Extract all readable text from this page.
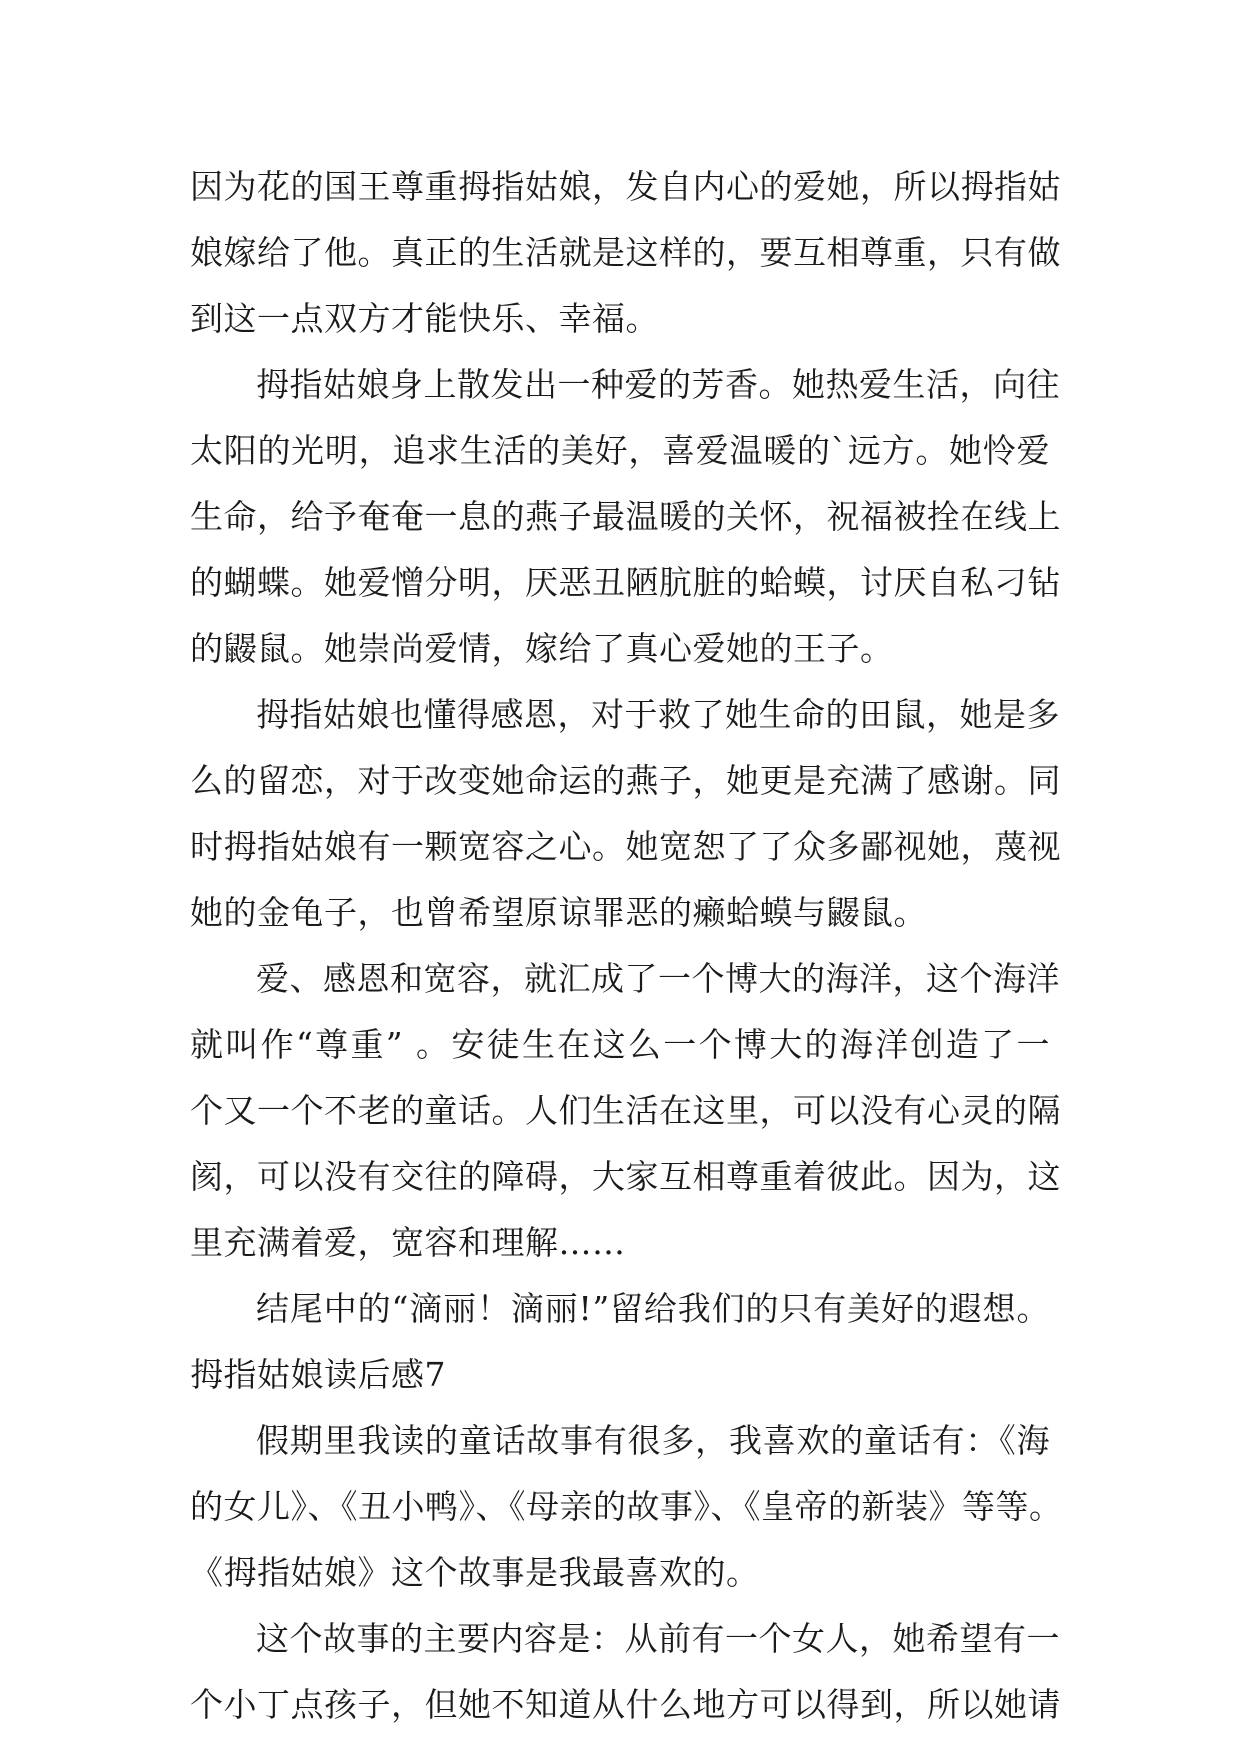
因为花的国王尊重拇指姑娘，发自内心的爱她，所以拇指姑
娘嫁给了他。真正的生活就是这样的，要互相尊重，只有做
到这一点双方才能快乐、幸福。
拇指姑娘身上散发出一种爱的芳香。她热爱生活，向往
太阳的光明，追求生活的美好，喜爱温暖的`远方。她怜爱
生命，给予奄奄一息的燕子最温暖的关怀，祝福被拴在线上
的蝴蝶。她爱憎分明，厌恶丑陋肮脏的蛤蟆，讨厌自私刁钻
的鼹鼠。她崇尚爱情，嫁给了真心爱她的王子。
拇指姑娘也懂得感恩，对于救了她生命的田鼠，她是多
么的留恋，对于改变她命运的燕子，她更是充满了感谢。同
时拇指姑娘有一颗宽容之心。她宽恕了了众多鄙视她，蔑视
她的金龟子，也曾希望原谅罪恶的癞蛤蟆与鼹鼠。
爱、感恩和宽容，就汇成了一个博大的海洋，这个海洋
就叫作“尊重” 。安徒生在这么一个博大的海洋创造了一
个又一个不老的童话。人们生活在这里，可以没有心灵的隔
阂，可以没有交往的障碍，大家互相尊重着彼此。因为，这
里充满着爱，宽容和理解……
结尾中的“滴丽！滴丽!”留给我们的只有美好的遐想。
拇指姑娘读后感7
假期里我读的童话故事有很多，我喜欢的童话有：《海
的女儿》、《丑小鸭》、《母亲的故事》、《皇帝的新装》等等。
《拇指姑娘》这个故事是我最喜欢的。
这个故事的主要内容是：从前有一个女人，她希望有一
个小丁点孩子，但她不知道从什么地方可以得到，所以她请
